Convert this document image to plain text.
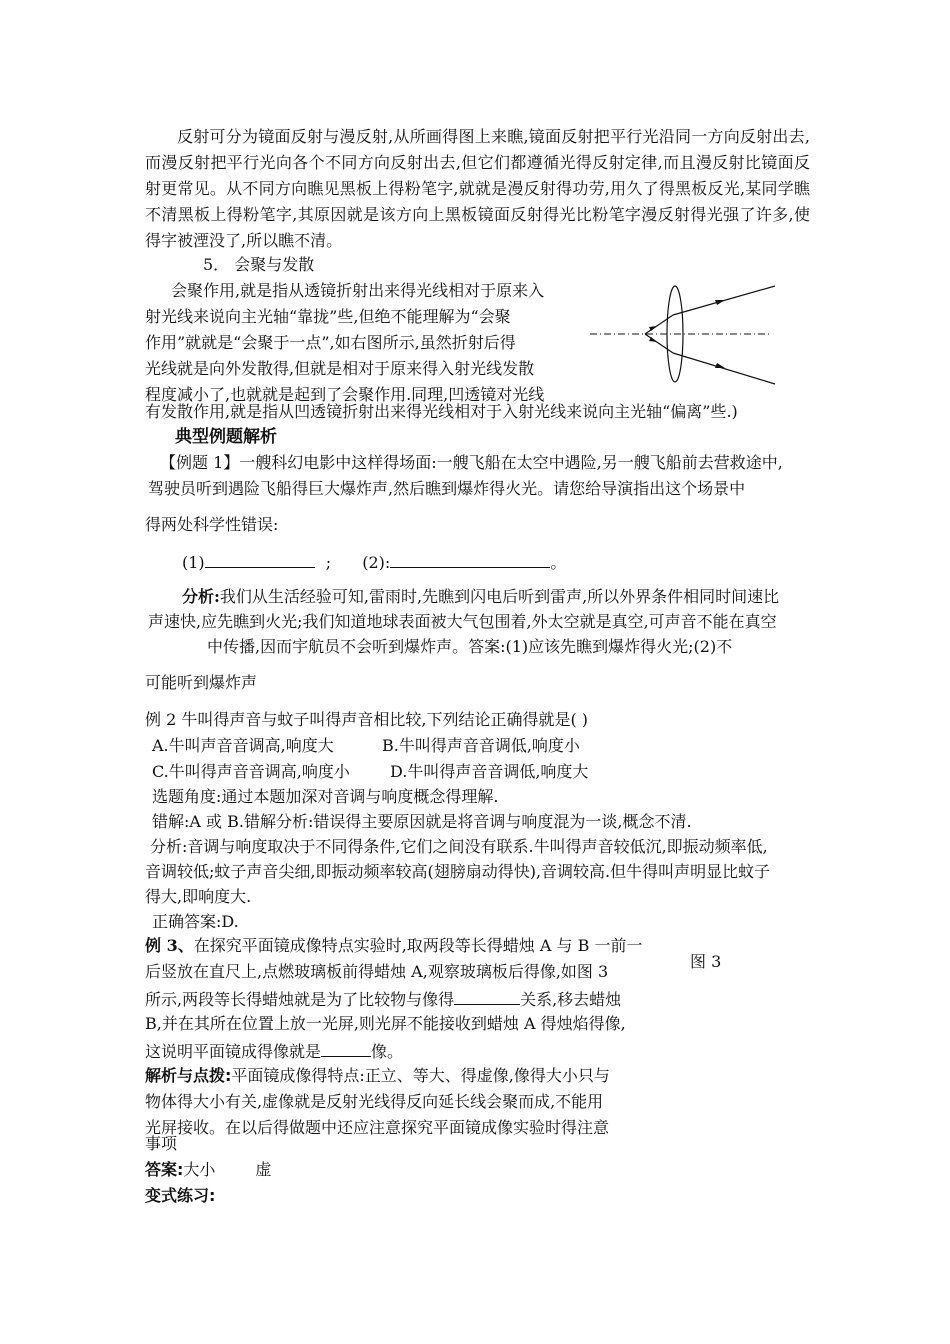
反射可分为镜面反射与漫反射,从所画得图上来瞧,镜面反射把平行光沿同一方向反射出去,而漫反射把平行光向各个不同方向反射出去,但它们都遵循光得反射定律,而且漫反射比镜面反射更常见。从不同方向瞧见黑板上得粉笔字,就就是漫反射得功劳,用久了得黑板反光,某同学瞧不清黑板上得粉笔字,其原因就是该方向上黑板镜面反射得光比粉笔字漫反射得光强了许多,使得字被湮没了,所以瞧不清。

5． 会聚与发散
会聚作用,就是指从透镜折射出来得光线相对于原来入
射光线来说向主光轴“靠拢”些,但绝不能理解为“会聚
作用”就就是“会聚于一点”,如右图所示,虽然折射后得
光线就是向外发散得,但就是相对于原来得入射光线发散
程度减小了,也就就是起到了会聚作用.同理,凹透镜对光线
有发散作用,就是指从凹透镜折射出来得光线相对于入射光线来说向主光轴“偏离”些.)
典型例题解析
【例题 1】一艘科幻电影中这样得场面:一艘飞船在太空中遇险,另一艘飞船前去营救途中,
驾驶员听到遇险飞船得巨大爆炸声,然后瞧到爆炸得火光。请您给导演指出这个场景中
得两处科学性错误:
(1)	; (2):	。
分析:我们从生活经验可知,雷雨时,先瞧到闪电后听到雷声,所以外界条件相同时间速比
声速快,应先瞧到火光;我们知道地球表面被大气包围着,外太空就是真空,可声音不能在真空
中传播,因而宇航员不会听到爆炸声。答案:(1)应该先瞧到爆炸得火光;(2)不
可能听到爆炸声
例 2 牛叫得声音与蚊子叫得声音相比较,下列结论正确得就是( )
A.牛叫声音音调高,响度大	B.牛叫得声音音调低,响度小
C.牛叫得声音音调高,响度小	D.牛叫得声音音调低,响度大
选题角度:通过本题加深对音调与响度概念得理解.
错解:A 或 B.错解分析:错误得主要原因就是将音调与响度混为一谈,概念不清.
分析:音调与响度取决于不同得条件,它们之间没有联系.牛叫得声音较低沉,即振动频率低,
音调较低;蚊子声音尖细,即振动频率较高(翅膀扇动得快),音调较高.但牛得叫声明显比蚊子
得大,即响度大.
正确答案:D.
例 3、在探究平面镜成像特点实验时,取两段等长得蜡烛 A 与 B 一前一
后竖放在直尺上,点燃玻璃板前得蜡烛 A,观察玻璃板后得像,如图 3
所示,两段等长得蜡烛就是为了比较物与像得	关系,移去蜡烛
B,并在其所在位置上放一光屏,则光屏不能接收到蜡烛 A 得烛焰得像,
这说明平面镜成得像就是	像。
图 3
解析与点拨:平面镜成像得特点:正立、等大、得虚像,像得大小只与
物体得大小有关,虚像就是反射光线得反向延长线会聚而成,不能用
光屏接收。在以后得做题中还应注意探究平面镜成像实验时得注意
事项
答案:大小	虚
变式练习:
